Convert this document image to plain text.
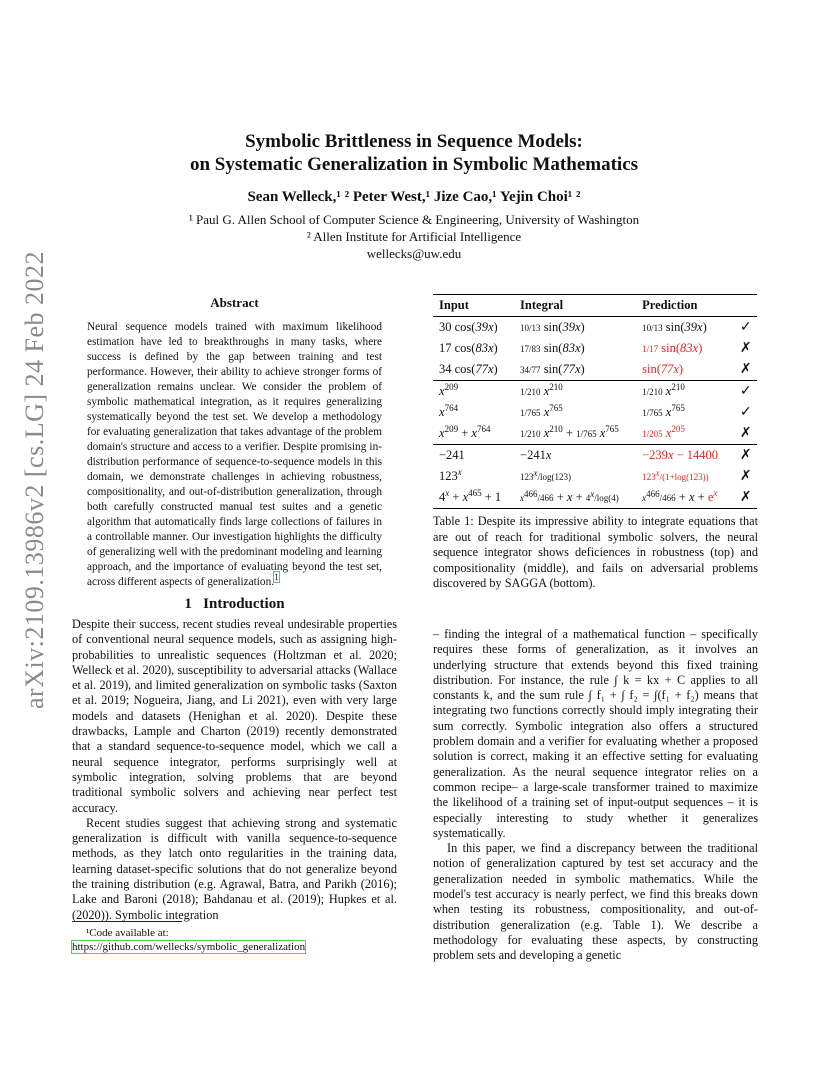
arXiv:2109.13986v2 [cs.LG] 24 Feb 2022
Symbolic Brittleness in Sequence Models:
on Systematic Generalization in Symbolic Mathematics
Sean Welleck,¹ ² Peter West,¹ Jize Cao,¹ Yejin Choi¹ ²
¹ Paul G. Allen School of Computer Science & Engineering, University of Washington
² Allen Institute for Artificial Intelligence
wellecks@uw.edu
Abstract
Neural sequence models trained with maximum likelihood estimation have led to breakthroughs in many tasks, where success is defined by the gap between training and test performance. However, their ability to achieve stronger forms of generalization remains unclear. We consider the problem of symbolic mathematical integration, as it requires generalizing systematically beyond the test set. We develop a methodology for evaluating generalization that takes advantage of the problem domain's structure and access to a verifier. Despite promising in-distribution performance of sequence-to-sequence models in this domain, we demonstrate challenges in achieving robustness, compositionality, and out-of-distribution generalization, through both carefully constructed manual test suites and a genetic algorithm that automatically finds large collections of failures in a controllable manner. Our investigation highlights the difficulty of generalizing well with the predominant modeling and learning approach, and the importance of evaluating beyond the test set, across different aspects of generalization.$^1$
1 Introduction

Despite their success, recent studies reveal undesirable properties of conventional neural sequence models, such as assigning high-probabilities to unrealistic sequences (Holtzman et al. 2020; Welleck et al. 2020), susceptibility to adversarial attacks (Wallace et al. 2019), and limited generalization on symbolic tasks (Saxton et al. 2019; Nogueira, Jiang, and Li 2021), even with very large models and datasets (Henighan et al. 2020). Despite these drawbacks, Lample and Charton (2019) recently demonstrated that a standard sequence-to-sequence model, which we call a neural sequence integrator, performs surprisingly well at symbolic integration, solving problems that are beyond traditional symbolic solvers and achieving near perfect test accuracy.

Recent studies suggest that achieving strong and systematic generalization is difficult with vanilla sequence-to-sequence methods, as they latch onto regularities in the training data, learning dataset-specific solutions that do not generalize beyond the training distribution (e.g. Agrawal, Batra, and Parikh (2016); Lake and Baroni (2018); Bahdanau et al. (2019); Hupkes et al. (2020)). Symbolic integration

¹Code available at:
https://github.com/wellecks/symbolic_generalization
Input	Integral	Prediction	
30 cos(39x)	10/13 sin(39x)	10/13 sin(39x)	✓
17 cos(83x)	17/83 sin(83x)	1/17 sin(83x)	✗
34 cos(77x)	34/77 sin(77x)	sin(77x)	✗
$x^{209}$	1/210 $x^{210}$	1/210 $x^{210}$	✓
$x^{764}$	1/765 $x^{765}$	1/765 $x^{765}$	✓
$x^{209} + x^{764}$	1/210 $x^{210} + 1/765$ $x^{765}$	1/205 $x^{205}$	✗
−241	−241x	−239x − 14400	✗
123$^x$	123$^x$/log(123)	$123^x/(1+\log(123))$	✗
$4^x + x^{465} + 1$	$x^{466}/466 + x + 4^x/\log(4)$	$x^{466}/466 + x + e^x$	✗
Table 1: Despite its impressive ability to integrate equations that are out of reach for traditional symbolic solvers, the neural sequence integrator shows deficiences in robustness (top) and compositionality (middle), and fails on adversarial problems discovered by SAGGA (bottom).

– finding the integral of a mathematical function – specifically requires these forms of generalization, as it involves an underlying structure that extends beyond this fixed training distribution. For instance, the rule ∫ k = kx + C applies to all constants k, and the sum rule ∫ f₁ + ∫ f₂ = ∫(f₁ + f₂) means that integrating two functions correctly should imply integrating their sum correctly. Symbolic integration also offers a structured problem domain and a verifier for evaluating whether a proposed solution is correct, making it an effective setting for evaluating generalization. As the neural sequence integrator relies on a common recipe– a large-scale transformer trained to maximize the likelihood of a training set of input-output sequences – it is especially interesting to study whether it generalizes systematically.

In this paper, we find a discrepancy between the traditional notion of generalization captured by test set accuracy and the generalization needed in symbolic mathematics. While the model's test accuracy is nearly perfect, we find this breaks down when testing its robustness, compositionality, and out-of-distribution generalization (e.g. Table 1). We describe a methodology for evaluating these aspects, by constructing problem sets and developing a genetic
